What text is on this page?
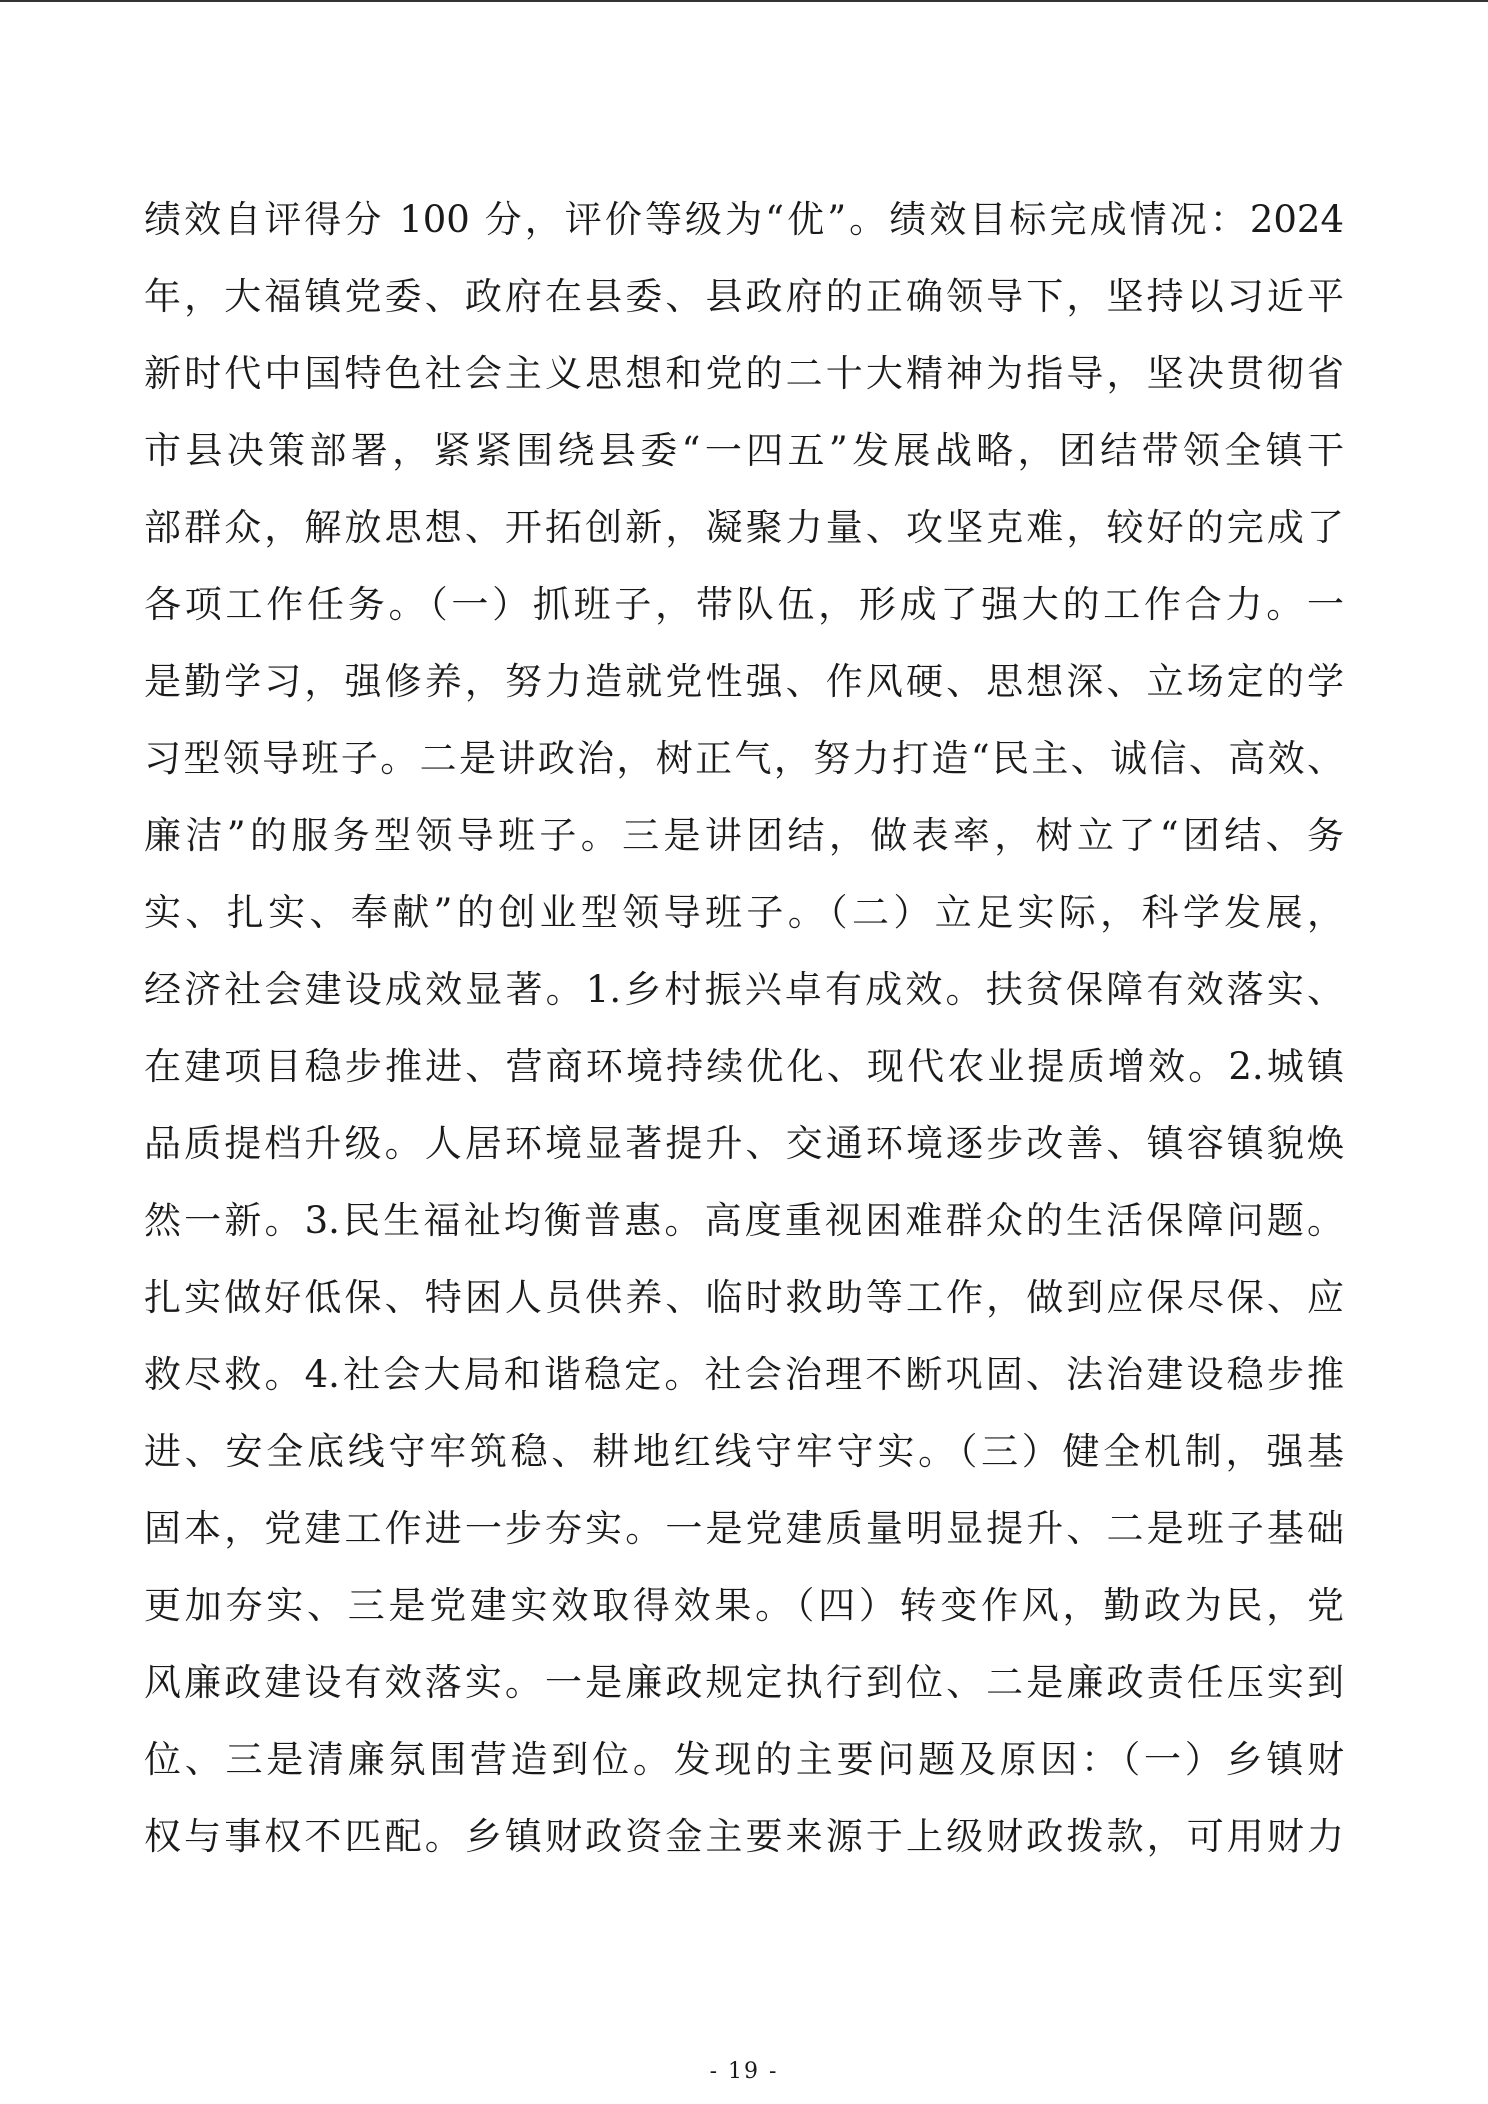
绩效自评得分 100 分，评价等级为“优”。绩效目标完成情况：2024
年，大福镇党委、政府在县委、县政府的正确领导下，坚持以习近平
新时代中国特色社会主义思想和党的二十大精神为指导，坚决贯彻省
市县决策部署，紧紧围绕县委“一四五”发展战略，团结带领全镇干
部群众，解放思想、开拓创新，凝聚力量、攻坚克难，较好的完成了
各项工作任务。（一）抓班子，带队伍，形成了强大的工作合力。一
是勤学习，强修养，努力造就党性强、作风硬、思想深、立场定的学
习型领导班子。二是讲政治，树正气，努力打造“民主、诚信、高效、
廉洁”的服务型领导班子。三是讲团结，做表率，树立了“团结、务
实、扎实、奉献”的创业型领导班子。（二）立足实际，科学发展，
经济社会建设成效显著。1.乡村振兴卓有成效。扶贫保障有效落实、
在建项目稳步推进、营商环境持续优化、现代农业提质增效。2.城镇
品质提档升级。人居环境显著提升、交通环境逐步改善、镇容镇貌焕
然一新。3.民生福祉均衡普惠。高度重视困难群众的生活保障问题。
扎实做好低保、特困人员供养、临时救助等工作，做到应保尽保、应
救尽救。4.社会大局和谐稳定。社会治理不断巩固、法治建设稳步推
进、安全底线守牢筑稳、耕地红线守牢守实。（三）健全机制，强基
固本，党建工作进一步夯实。一是党建质量明显提升、二是班子基础
更加夯实、三是党建实效取得效果。（四）转变作风，勤政为民，党
风廉政建设有效落实。一是廉政规定执行到位、二是廉政责任压实到
位、三是清廉氛围营造到位。发现的主要问题及原因：（一）乡镇财
权与事权不匹配。乡镇财政资金主要来源于上级财政拨款，可用财力
- 19 -
